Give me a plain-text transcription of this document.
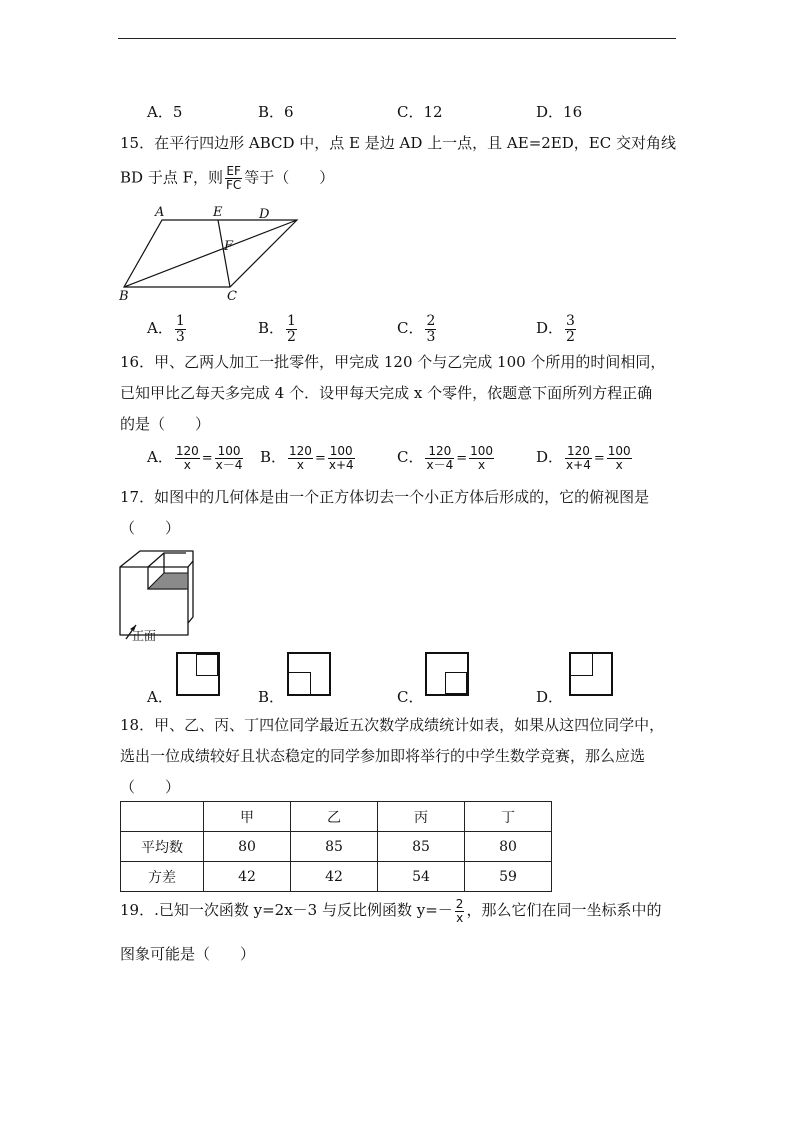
A．5	B．6	C．12	D．16
15．在平行四边形 ABCD 中，点 E 是边 AD 上一点，且 AE=2ED，EC 交对角线
BD 于点 F，则 $\frac{EF}{FC}$ 等于（　　）
A	E	D
F
B	C
A． $\frac{1}{3}$	B． $\frac{1}{2}$	C． $\frac{2}{3}$	D． $\frac{3}{2}$
16．甲、乙两人加工一批零件，甲完成 120 个与乙完成 100 个所用的时间相同，
已知甲比乙每天多完成 4 个．设甲每天完成 x 个零件，依题意下面所列方程正确
的是（　　）
A． $\frac{120}{x} = \frac{100}{x-4}$ B． $\frac{120}{x} = \frac{100}{x+4}$	C． $\frac{120}{x-4} = \frac{100}{x}$	D． $\frac{120}{x+4} = \frac{100}{x}$
17．如图中的几何体是由一个正方体切去一个小正方体后形成的，它的俯视图是
（　　）
正面
A．	B．	C．	D．
18．甲、乙、丙、丁四位同学最近五次数学成绩统计如表，如果从这四位同学中，
选出一位成绩较好且状态稳定的同学参加即将举行的中学生数学竞赛，那么应选
（　　）
	甲	乙	丙	丁
平均数	80	85	85	80
方差	42	42	54	59
19．.已知一次函数 y=2x－3 与反比例函数 $y=- \frac{2}{x}$ ，那么它们在同一坐标系中的
图象可能是（　　）
